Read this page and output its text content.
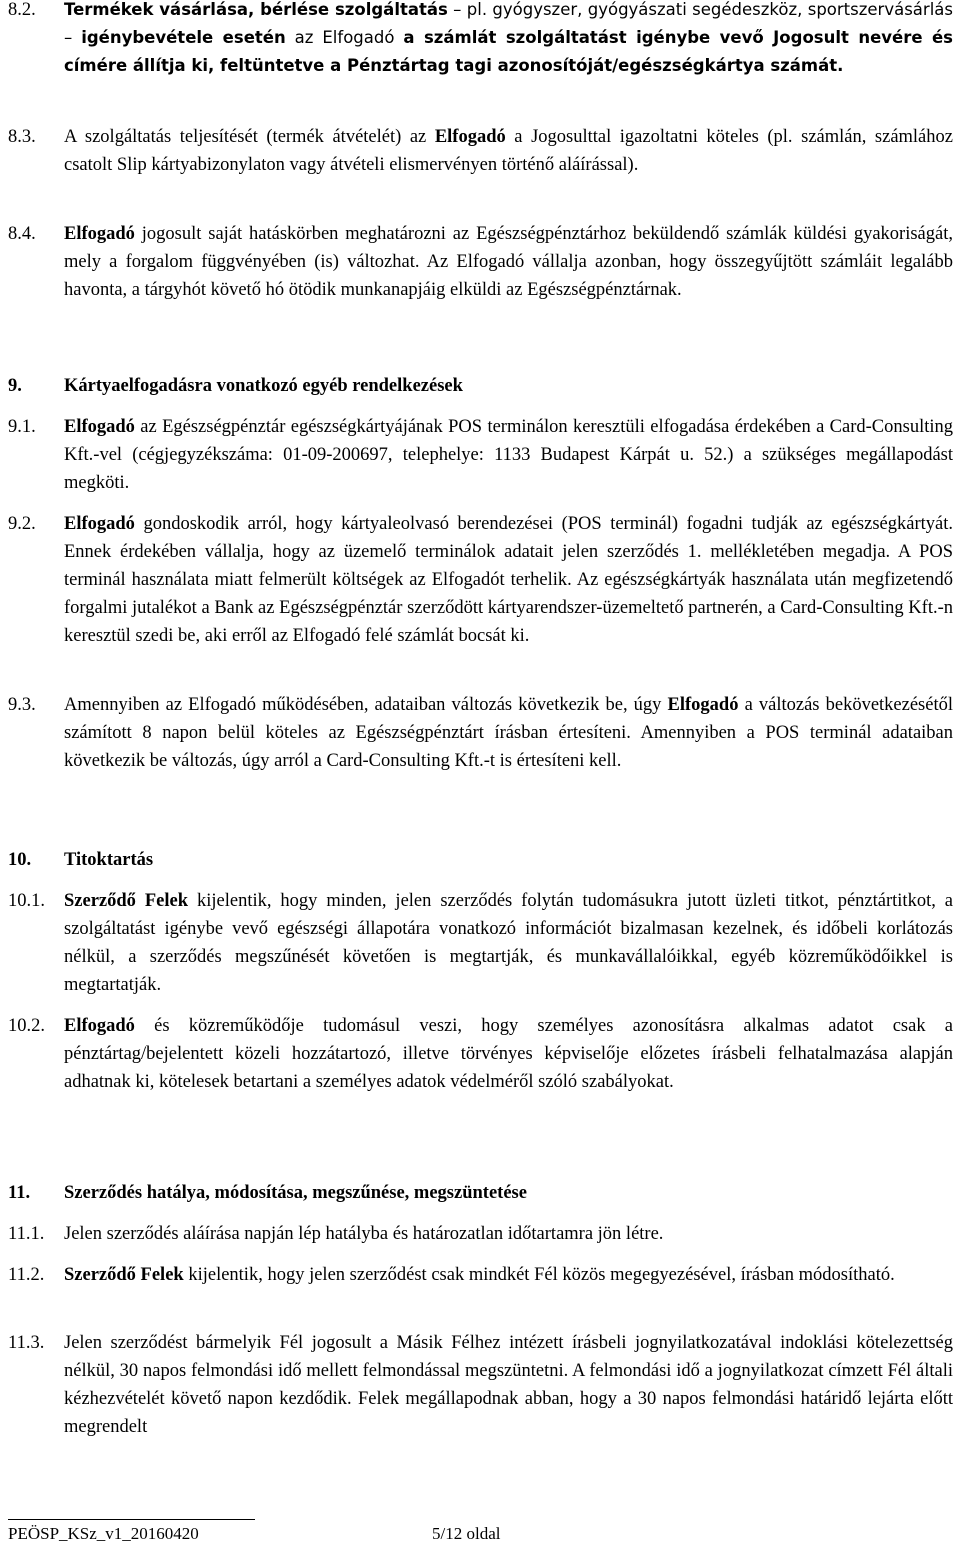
8.2.	Termékek vásárlása, bérlése szolgáltatás – pl. gyógyszer, gyógyászati segédeszköz, sportszervásárlás – igénybevétele esetén az Elfogadó a számlát szolgáltatást igénybe vevő Jogosult nevére és címére állítja ki, feltüntetve a Pénztártag tagi azonosítóját/egészségkártya számát.
8.3.	A szolgáltatás teljesítését (termék átvételét) az Elfogadó a Jogosulttal igazoltatni köteles (pl. számlán, számlához csatolt Slip kártyabizonylaton vagy átvételi elismervényen történő aláírással).
8.4.	Elfogadó jogosult saját hatáskörben meghatározni az Egészségpénztárhoz beküldendő számlák küldési gyakoriságát, mely a forgalom függvényében (is) változhat. Az Elfogadó vállalja azonban, hogy összegyűjtött számláit legalább havonta, a tárgyhót követő hó ötödik munkanapjáig elküldi az Egészségpénztárnak.
9.	Kártyaelfogadásra vonatkozó egyéb rendelkezések
9.1.	Elfogadó az Egészségpénztár egészségkártyájának POS terminálon keresztüli elfogadása érdekében a Card-Consulting Kft.-vel (cégjegyzékszáma: 01-09-200697, telephelye: 1133 Budapest Kárpát u. 52.) a szükséges megállapodást megköti.
9.2.	Elfogadó gondoskodik arról, hogy kártyaleolvasó berendezései (POS terminál) fogadni tudják az egészségkártyát. Ennek érdekében vállalja, hogy az üzemelő terminálok adatait jelen szerződés 1. mellékletében megadja. A POS terminál használata miatt felmerült költségek az Elfogadót terhelik. Az egészségkártyák használata után megfizetendő forgalmi jutalékot a Bank az Egészségpénztár szerződött kártyarendszer-üzemeltető partnerén, a Card-Consulting Kft.-n keresztül szedi be, aki erről az Elfogadó felé számlát bocsát ki.
9.3.	Amennyiben az Elfogadó működésében, adataiban változás következik be, úgy Elfogadó a változás bekövetkezésétől számított 8 napon belül köteles az Egészségpénztárt írásban értesíteni. Amennyiben a POS terminál adataiban következik be változás, úgy arról a Card-Consulting Kft.-t is értesíteni kell.
10.	Titoktartás
10.1.	Szerződő Felek kijelentik, hogy minden, jelen szerződés folytán tudomásukra jutott üzleti titkot, pénztártitkot, a szolgáltatást igénybe vevő egészségi állapotára vonatkozó információt bizalmasan kezelnek, és időbeli korlátozás nélkül, a szerződés megszűnését követően is megtartják, és munkavállalóikkal, egyéb közreműködőikkel is megtartatják.
10.2.	Elfogadó és közreműködője tudomásul veszi, hogy személyes azonosításra alkalmas adatot csak a pénztártag/bejelentett közeli hozzátartozó, illetve törvényes képviselője előzetes írásbeli felhatalmazása alapján adhatnak ki, kötelesek betartani a személyes adatok védelméről szóló szabályokat.
11.	Szerződés hatálya, módosítása, megszűnése, megszüntetése
11.1.	Jelen szerződés aláírása napján lép hatályba és határozatlan időtartamra jön létre.
11.2.	Szerződő Felek kijelentik, hogy jelen szerződést csak mindkét Fél közös megegyezésével, írásban módosítható.
11.3.	Jelen szerződést bármelyik Fél jogosult a Másik Félhez intézett írásbeli jognyilatkozatával indoklási kötelezettség nélkül, 30 napos felmondási idő mellett felmondással megszüntetni. A felmondási idő a jognyilatkozat címzett Fél általi kézhezvételét követő napon kezdődik. Felek megállapodnak abban, hogy a 30 napos felmondási határidő lejárta előtt megrendelt
PEÖSP_KSz_v1_20160420	5/12 oldal
